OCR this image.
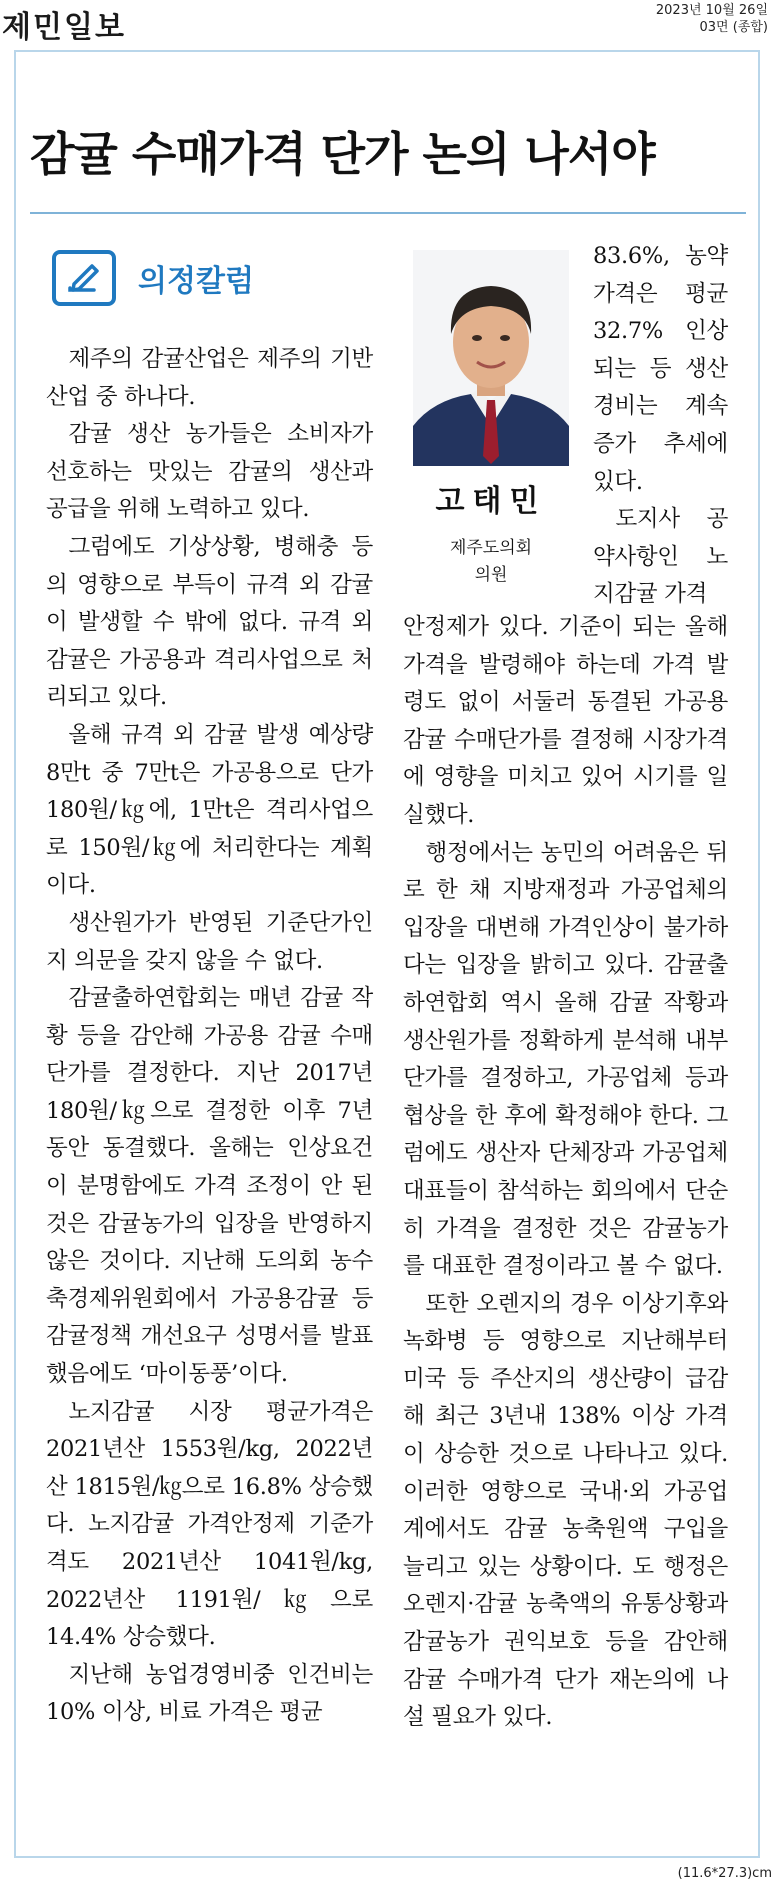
제민일보	2023년 10월 26일
03면 (종합)
감귤 수매가격 단가 논의 나서야
의정칼럼
고태민
제주도의회
의원

제주의 감귤산업은 제주의 기반산업 중 하나다.

감귤 생산 농가들은 소비자가 선호하는 맛있는 감귤의 생산과 공급을 위해 노력하고 있다.

그럼에도 기상상황, 병해충 등의 영향으로 부득이 규격 외 감귤이 발생할 수 밖에 없다. 규격 외 감귤은 가공용과 격리사업으로 처리되고 있다.

올해 규격 외 감귤 발생 예상량 8만t 중 7만t은 가공용으로 단가 180원/㎏에, 1만t은 격리사업으로 150원/㎏에 처리한다는 계획이다.

생산원가가 반영된 기준단가인지 의문을 갖지 않을 수 없다.

감귤출하연합회는 매년 감귤 작황 등을 감안해 가공용 감귤 수매단가를 결정한다. 지난 2017년 180원/㎏으로 결정한 이후 7년 동안 동결했다. 올해는 인상요건이 분명함에도 가격 조정이 안 된 것은 감귤농가의 입장을 반영하지 않은 것이다. 지난해 도의회 농수축경제위원회에서 가공용감귤 등 감귤정책 개선요구 성명서를 발표했음에도 ‘마이동풍’이다.

노지감귤 시장 평균가격은 2021년산 1553원/kg, 2022년산 1815원/㎏으로 16.8% 상승했다. 노지감귤 가격안정제 기준가격도 2021년산 1041원/kg, 2022년산 1191원/㎏으로 14.4% 상승했다.

지난해 농업경영비중 인건비는 10% 이상, 비료 가격은 평균

83.6%, 농약가격은 평균 32.7% 인상되는 등 생산 경비는 계속 증가 추세에 있다.

도지사 공약사항인 노지감귤 가격

안정제가 있다. 기준이 되는 올해 가격을 발령해야 하는데 가격 발령도 없이 서둘러 동결된 가공용감귤 수매단가를 결정해 시장가격에 영향을 미치고 있어 시기를 일실했다.

행정에서는 농민의 어려움은 뒤로 한 채 지방재정과 가공업체의 입장을 대변해 가격인상이 불가하다는 입장을 밝히고 있다. 감귤출하연합회 역시 올해 감귤 작황과 생산원가를 정확하게 분석해 내부 단가를 결정하고, 가공업체 등과 협상을 한 후에 확정해야 한다. 그럼에도 생산자 단체장과 가공업체 대표들이 참석하는 회의에서 단순히 가격을 결정한 것은 감귤농가를 대표한 결정이라고 볼 수 없다.

또한 오렌지의 경우 이상기후와 녹화병 등 영향으로 지난해부터 미국 등 주산지의 생산량이 급감해 최근 3년내 138% 이상 가격이 상승한 것으로 나타나고 있다. 이러한 영향으로 국내·외 가공업계에서도 감귤 농축원액 구입을 늘리고 있는 상황이다. 도 행정은 오렌지·감귤 농축액의 유통상황과 감귤농가 권익보호 등을 감안해 감귤 수매가격 단가 재논의에 나설 필요가 있다.

(11.6*27.3)cm
